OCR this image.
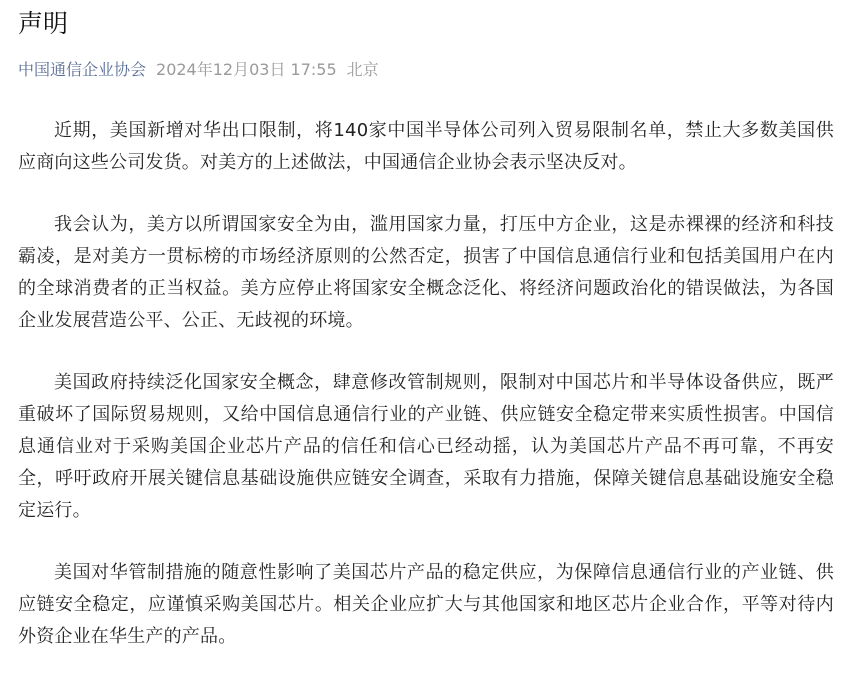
声明
中国通信企业协会 2024年12月03日 17:55 北京

近期，美国新增对华出口限制，将140家中国半导体公司列入贸易限制名单，禁止大多数美国供应商向这些公司发货。对美方的上述做法，中国通信企业协会表示坚决反对。

我会认为，美方以所谓国家安全为由，滥用国家力量，打压中方企业，这是赤裸裸的经济和科技霸凌，是对美方一贯标榜的市场经济原则的公然否定，损害了中国信息通信行业和包括美国用户在内的全球消费者的正当权益。美方应停止将国家安全概念泛化、将经济问题政治化的错误做法，为各国企业发展营造公平、公正、无歧视的环境。

美国政府持续泛化国家安全概念，肆意修改管制规则，限制对中国芯片和半导体设备供应，既严重破坏了国际贸易规则，又给中国信息通信行业的产业链、供应链安全稳定带来实质性损害。中国信息通信业对于采购美国企业芯片产品的信任和信心已经动摇，认为美国芯片产品不再可靠，不再安全，呼吁政府开展关键信息基础设施供应链安全调查，采取有力措施，保障关键信息基础设施安全稳定运行。

美国对华管制措施的随意性影响了美国芯片产品的稳定供应，为保障信息通信行业的产业链、供应链安全稳定，应谨慎采购美国芯片。相关企业应扩大与其他国家和地区芯片企业合作，平等对待内外资企业在华生产的产品。
